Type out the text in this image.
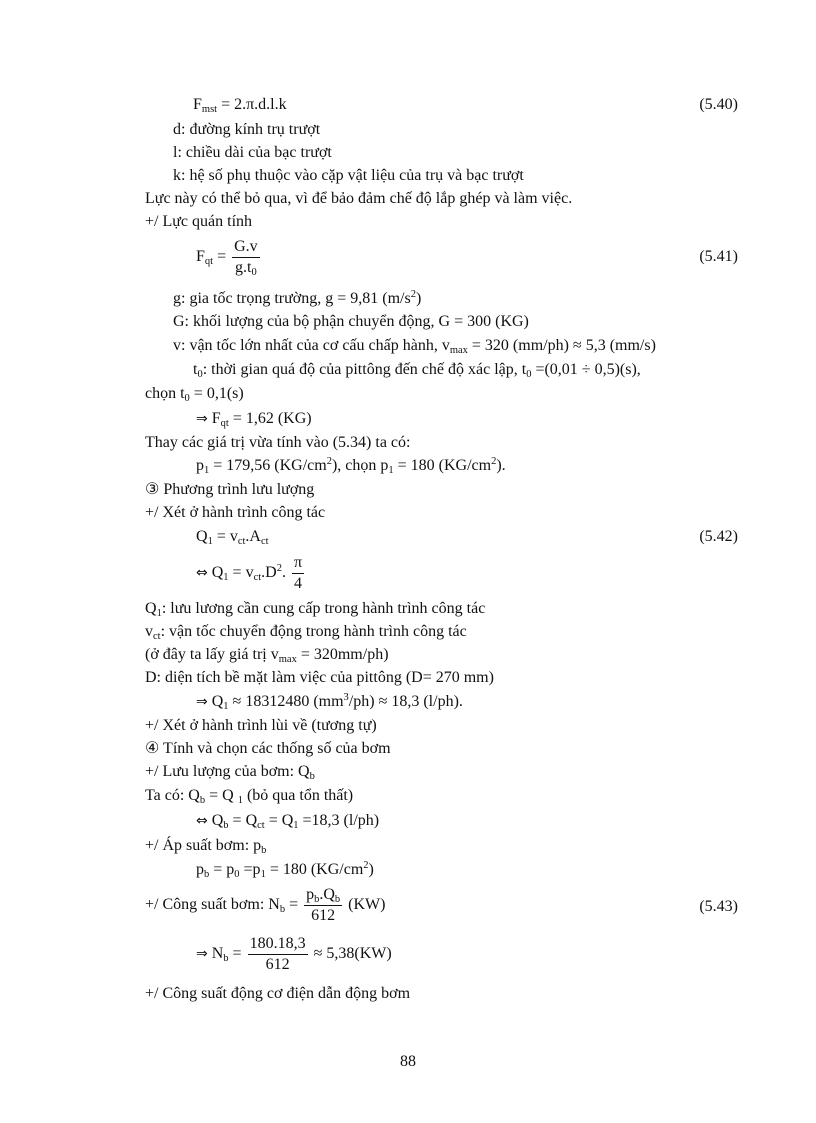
$F_{mst} = 2.\pi.d.l.k$	(5.40)
d: đường kính trụ trượt
l: chiều dài của bạc trượt
k: hệ số phụ thuộc vào cặp vật liệu của trụ và bạc trượt
Lực này có thể bỏ qua, vì để bảo đảm chế độ lắp ghép và làm việc.
+/ Lực quán tính
$F_{qt} = \frac{G.v}{g.t_0}$	(5.41)
g: gia tốc trọng trường, g = 9,81 $(m/s^2)$
G: khối lượng của bộ phận chuyển động, G = 300 (KG)
v: vận tốc lớn nhất của cơ cấu chấp hành, $v_{max} = 320$ (mm/ph) ≈ 5,3 (mm/s)
$t_0$: thời gian quá độ của pittông đến chế độ xác lập, $t_0 =(0,01 \div 0,5)(s)$,
chọn $t_0 = 0,1(s)$
⇒ $F_{qt} = 1,62$ (KG)
Thay các giá trị vừa tính vào (5.34) ta có:
$p_1 = 179,56$ $(KG/cm^2)$, chọn $p_1 = 180$ $(KG/cm^2)$.
③ Phương trình lưu lượng
+/ Xét ở hành trình công tác
$Q_1 = v_{ct}.A_{ct}$	(5.42)
⇔ $Q_1 = v_{ct}.D^2$. $\frac{\pi}{4}$
$Q_1$: lưu lương cần cung cấp trong hành trình công tác
$v_{ct}$: vận tốc chuyển động trong hành trình công tác
(ở đây ta lấy giá trị $v_{max} = 320mm/ph$)
D: diện tích bề mặt làm việc của pittông (D= 270 mm)
⇒ $Q_1 \approx 18312480$ $(mm^3/ph) \approx 18,3$ (l/ph).
+/ Xét ở hành trình lùi về (tương tự)
④ Tính và chọn các thống số của bơm
+/ Lưu lượng của bơm: $Q_b$
Ta có: $Q_b = Q$ $_1$ (bỏ qua tổn thất)
⇔ $Q_b = Q_{ct} = Q_1 =18,3$ (l/ph)
+/ Áp suất bơm: $p_b$
$p_b = p_0 =p_1 = 180$ $(KG/cm^2)$
+/ Công suất bơm: $N_b = \frac{p_b.Q_b}{612} (KW)$	(5.43)
⇒ $N_b = \frac{180.18,3}{612} \approx 5,38(KW)$
+/ Công suất động cơ điện dẫn động bơm
88
